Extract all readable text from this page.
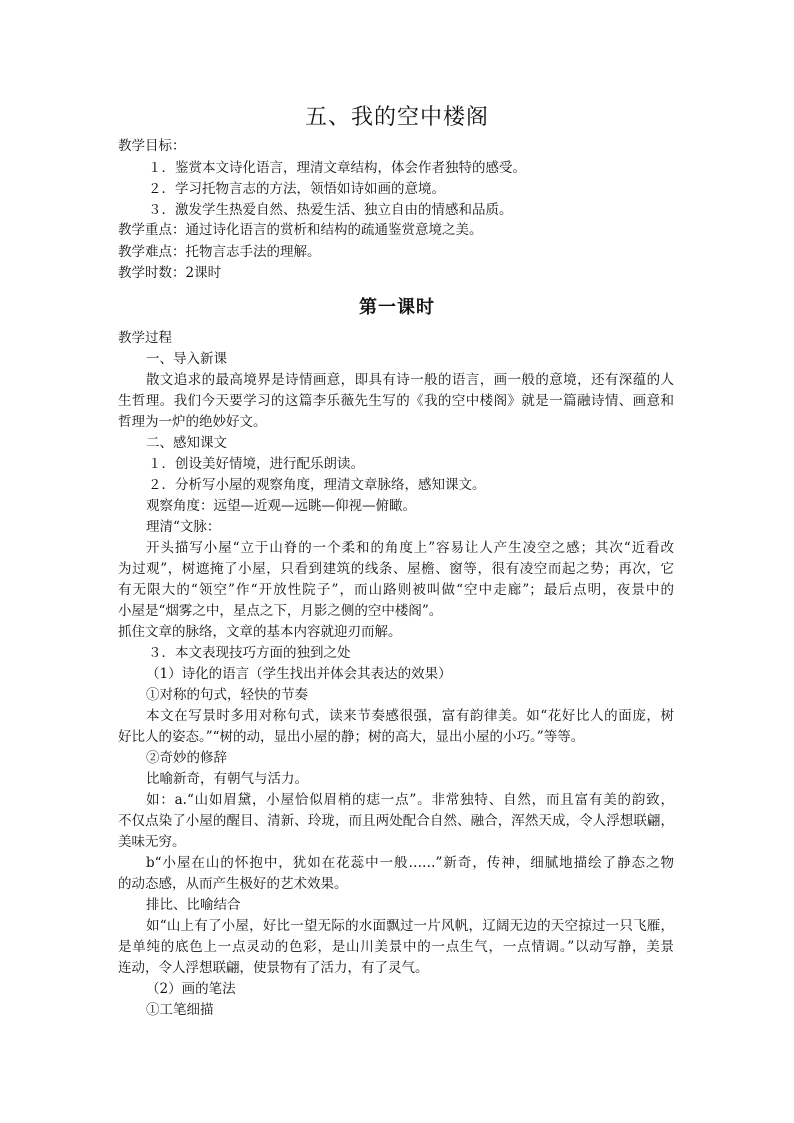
五、我的空中楼阁
教学目标：
１．鉴赏本文诗化语言，理清文章结构，体会作者独特的感受。
２．学习托物言志的方法，领悟如诗如画的意境。
３．激发学生热爱自然、热爱生活、独立自由的情感和品质。
教学重点：通过诗化语言的赏析和结构的疏通鉴赏意境之美。
教学难点：托物言志手法的理解。
教学时数：2课时
第一课时
教学过程
一、导入新课
散文追求的最高境界是诗情画意，即具有诗一般的语言，画一般的意境，还有深蕴的人
生哲理。我们今天要学习的这篇李乐薇先生写的《我的空中楼阁》就是一篇融诗情、画意和
哲理为一炉的绝妙好文。
二、感知课文
１．创设美好情境，进行配乐朗读。
２．分析写小屋的观察角度，理清文章脉络，感知课文。
观察角度：远望—近观—远眺—仰视—俯瞰。
理清“文脉：
开头描写小屋“立于山脊的一个柔和的角度上”容易让人产生凌空之感；其次“近看改
为过观”，树遮掩了小屋，只看到建筑的线条、屋檐、窗等，很有凌空而起之势；再次，它
有无限大的“领空”作“开放性院子”，而山路则被叫做“空中走廊”；最后点明，夜景中的
小屋是“烟雾之中，星点之下，月影之侧的空中楼阁”。
抓住文章的脉络，文章的基本内容就迎刃而解。
３．本文表现技巧方面的独到之处
（1）诗化的语言（学生找出并体会其表达的效果）
①对称的句式，轻快的节奏
本文在写景时多用对称句式，读来节奏感很强，富有韵律美。如“花好比人的面庞，树
好比人的姿态。”“树的动，显出小屋的静；树的高大，显出小屋的小巧。”等等。
②奇妙的修辞
比喻新奇，有朝气与活力。
如：a.“山如眉黛，小屋恰似眉梢的痣一点”。非常独特、自然，而且富有美的韵致，
不仅点染了小屋的醒目、清新、玲珑，而且两处配合自然、融合，浑然天成，令人浮想联翩，
美味无穷。
b“小屋在山的怀抱中，犹如在花蕊中一般……”新奇，传神，细腻地描绘了静态之物
的动态感，从而产生极好的艺术效果。
排比、比喻结合
如“山上有了小屋，好比一望无际的水面飘过一片风帆，辽阔无边的天空掠过一只飞雁，
是单纯的底色上一点灵动的色彩，是山川美景中的一点生气，一点情调。”以动写静，美景
连动，令人浮想联翩，使景物有了活力，有了灵气。
（2）画的笔法
①工笔细描
